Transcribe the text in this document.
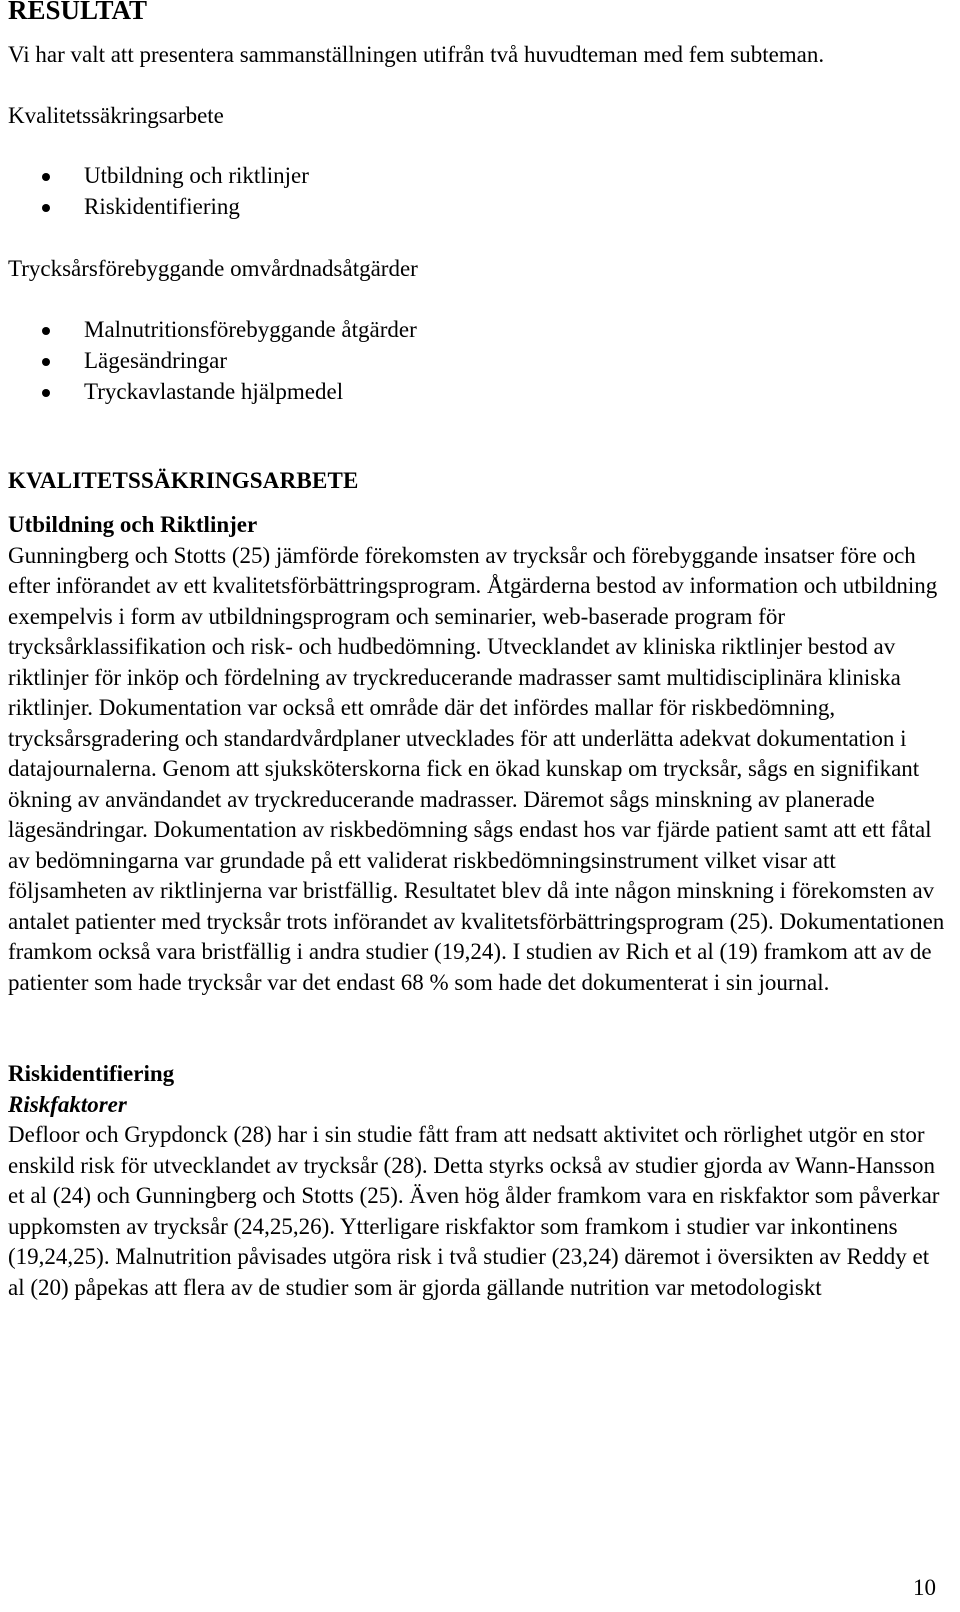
RESULTAT

Vi har valt att presentera sammanställningen utifrån två huvudteman med fem subteman.

Kvalitetssäkringsarbete

Utbildning och riktlinjer
Riskidentifiering

Trycksårsförebyggande omvårdnadsåtgärder

Malnutritionsförebyggande åtgärder
Lägesändringar
Tryckavlastande hjälpmedel

KVALITETSSÄKRINGSARBETE

Utbildning och Riktlinjer

Gunningberg och Stotts (25) jämförde förekomsten av trycksår och förebyggande insatser före och efter införandet av ett kvalitetsförbättringsprogram. Åtgärderna bestod av information och utbildning exempelvis i form av utbildningsprogram och seminarier, web-baserade program för trycksårklassifikation och risk- och hudbedömning. Utvecklandet av kliniska riktlinjer bestod av riktlinjer för inköp och fördelning av tryckreducerande madrasser samt multidisciplinära kliniska riktlinjer. Dokumentation var också ett område där det infördes mallar för riskbedömning, trycksårsgradering och standardvårdplaner utvecklades för att underlätta adekvat dokumentation i datajournalerna. Genom att sjuksköterskorna fick en ökad kunskap om trycksår, sågs en signifikant ökning av användandet av tryckreducerande madrasser. Däremot sågs minskning av planerade lägesändringar. Dokumentation av riskbedömning sågs endast hos var fjärde patient samt att ett fåtal av bedömningarna var grundade på ett validerat riskbedömningsinstrument vilket visar att följsamheten av riktlinjerna var bristfällig. Resultatet blev då inte någon minskning i förekomsten av antalet patienter med trycksår trots införandet av kvalitetsförbättringsprogram (25). Dokumentationen framkom också vara bristfällig i andra studier (19,24). I studien av Rich et al (19) framkom att av de patienter som hade trycksår var det endast 68 % som hade det dokumenterat i sin journal.

Riskidentifiering

Riskfaktorer

Defloor och Grypdonck (28) har i sin studie fått fram att nedsatt aktivitet och rörlighet utgör en stor enskild risk för utvecklandet av trycksår (28). Detta styrks också av studier gjorda av Wann-Hansson et al (24) och Gunningberg och Stotts (25). Även hög ålder framkom vara en riskfaktor som påverkar uppkomsten av trycksår (24,25,26). Ytterligare riskfaktor som framkom i studier var inkontinens (19,24,25). Malnutrition påvisades utgöra risk i två studier (23,24) däremot i översikten av Reddy et al (20) påpekas att flera av de studier som är gjorda gällande nutrition var metodologiskt

10
